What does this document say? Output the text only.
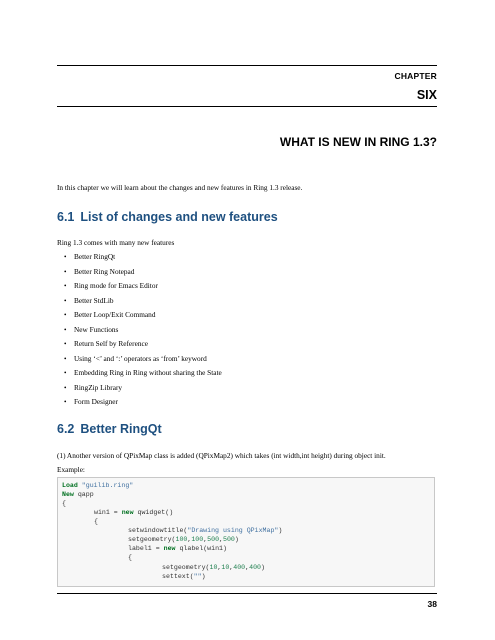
CHAPTER
SIX
WHAT IS NEW IN RING 1.3?
In this chapter we will learn about the changes and new features in Ring 1.3 release.
6.1 List of changes and new features
Ring 1.3 comes with many new features
• Better RingQt
• Better Ring Notepad
• Ring mode for Emacs Editor
• Better StdLib
• Better Loop/Exit Command
• New Functions
• Return Self by Reference
• Using ‘<’ and ‘:’ operators as ‘from’ keyword
• Embedding Ring in Ring without sharing the State
• RingZip Library
• Form Designer
6.2 Better RingQt
(1) Another version of QPixMap class is added (QPixMap2) which takes (int width,int height) during object init.
Example:
Load "guilib.ring"
New qapp
{
win1 = new qwidget()
{
setwindowtitle("Drawing using QPixMap")
setgeometry(100,100,500,500)
label1 = new qlabel(win1)
{
setgeometry(10,10,400,400)
settext("")
38
